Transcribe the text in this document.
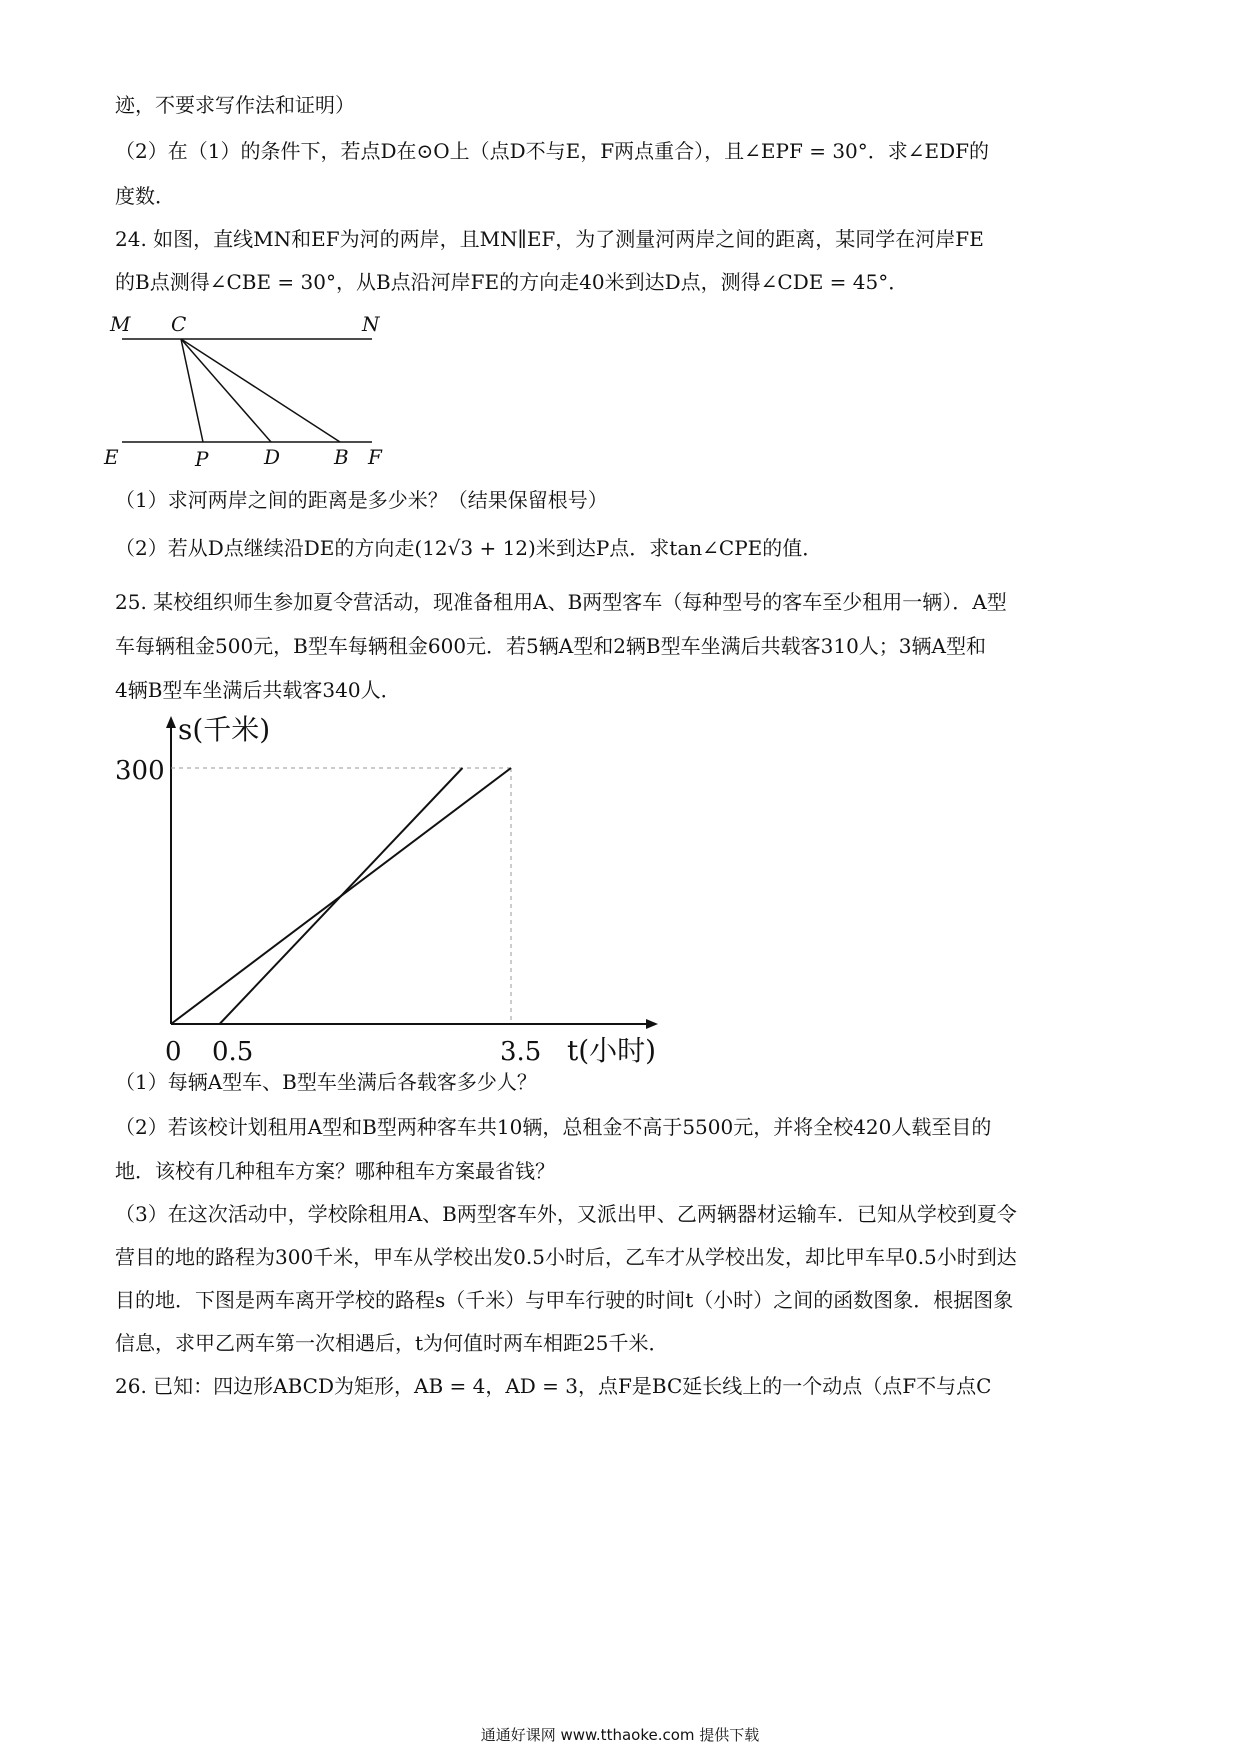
迹，不要求写作法和证明）
（2）在（1）的条件下，若点D在⊙O上（点D不与E，F两点重合），且∠EPF = 30°．求∠EDF的
度数．
24. 如图，直线MN和EF为河的两岸，且MN∥EF，为了测量河两岸之间的距离，某同学在河岸FE
的B点测得∠CBE = 30°，从B点沿河岸FE的方向走40米到达D点，测得∠CDE = 45°．
M C	N
E	P	D	B F
（1）求河两岸之间的距离是多少米？（结果保留根号）
（2）若从D点继续沿DE的方向走(12√3 + 12)米到达P点．求tan∠CPE的值．
25. 某校组织师生参加夏令营活动，现准备租用A、B两型客车（每种型号的客车至少租用一辆）．A型
车每辆租金500元，B型车每辆租金600元．若5辆A型和2辆B型车坐满后共载客310人；3辆A型和
4辆B型车坐满后共载客340人．
s(千米)
300
0 0.5	3.5 t(小时)
（1）每辆A型车、B型车坐满后各载客多少人？
（2）若该校计划租用A型和B型两种客车共10辆，总租金不高于5500元，并将全校420人载至目的
地．该校有几种租车方案？哪种租车方案最省钱？
（3）在这次活动中，学校除租用A、B两型客车外，又派出甲、乙两辆器材运输车．已知从学校到夏令
营目的地的路程为300千米，甲车从学校出发0.5小时后，乙车才从学校出发，却比甲车早0.5小时到达
目的地．下图是两车离开学校的路程s（千米）与甲车行驶的时间t（小时）之间的函数图象．根据图象
信息，求甲乙两车第一次相遇后，t为何值时两车相距25千米．
26. 已知：四边形ABCD为矩形，AB = 4，AD = 3，点F是BC延长线上的一个动点（点F不与点C
通通好课网 www.tthaoke.com 提供下载
